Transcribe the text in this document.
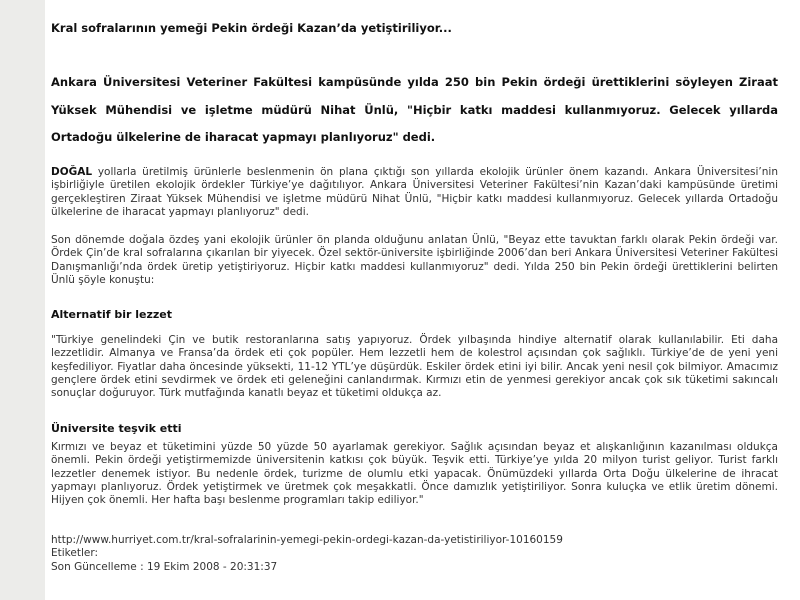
Kral sofralarının yemeği Pekin ördeği Kazan’da yetiştiriliyor...

Ankara Üniversitesi Veteriner Fakültesi kampüsünde yılda 250 bin Pekin ördeği ürettiklerini söyleyen Ziraat Yüksek Mühendisi ve işletme müdürü Nihat Ünlü, "Hiçbir katkı maddesi kullanmıyoruz. Gelecek yıllarda Ortadoğu ülkelerine de iharacat yapmayı planlıyoruz" dedi.

DOĞAL yollarla üretilmiş ürünlerle beslenmenin ön plana çıktığı son yıllarda ekolojik ürünler önem kazandı. Ankara Üniversitesi’nin işbirliğiyle üretilen ekolojik ördekler Türkiye’ye dağıtılıyor. Ankara Üniversitesi Veteriner Fakültesi’nin Kazan’daki kampüsünde üretimi gerçekleştiren Ziraat Yüksek Mühendisi ve işletme müdürü Nihat Ünlü, "Hiçbir katkı maddesi kullanmıyoruz. Gelecek yıllarda Ortadoğu ülkelerine de iharacat yapmayı planlıyoruz" dedi.

Son dönemde doğala özdeş yani ekolojik ürünler ön planda olduğunu anlatan Ünlü, "Beyaz ette tavuktan farklı olarak Pekin ördeği var. Ördek Çin’de kral sofralarına çıkarılan bir yiyecek. Özel sektör-üniversite işbirliğinde 2006’dan beri Ankara Üniversitesi Veteriner Fakültesi Danışmanlığı’nda ördek üretip yetiştiriyoruz. Hiçbir katkı maddesi kullanmıyoruz" dedi. Yılda 250 bin Pekin ördeği ürettiklerini belirten Ünlü şöyle konuştu:

Alternatif bir lezzet

"Türkiye genelindeki Çin ve butik restoranlarına satış yapıyoruz. Ördek yılbaşında hindiye alternatif olarak kullanılabilir. Eti daha lezzetlidir. Almanya ve Fransa’da ördek eti çok popüler. Hem lezzetli hem de kolestrol açısından çok sağlıklı. Türkiye’de de yeni yeni keşfediliyor. Fiyatlar daha öncesinde yüksekti, 11-12 YTL’ye düşürdük. Eskiler ördek etini iyi bilir. Ancak yeni nesil çok bilmiyor. Amacımız gençlere ördek etini sevdirmek ve ördek eti geleneğini canlandırmak. Kırmızı etin de yenmesi gerekiyor ancak çok sık tüketimi sakıncalı sonuçlar doğuruyor. Türk mutfağında kanatlı beyaz et tüketimi oldukça az.

Üniversite teşvik etti

Kırmızı ve beyaz et tüketimini yüzde 50 yüzde 50 ayarlamak gerekiyor. Sağlık açısından beyaz et alışkanlığının kazanılması oldukça önemli. Pekin ördeği yetiştirmemizde üniversitenin katkısı çok büyük. Teşvik etti. Türkiye’ye yılda 20 milyon turist geliyor. Turist farklı lezzetler denemek istiyor. Bu nedenle ördek, turizme de olumlu etki yapacak. Önümüzdeki yıllarda Orta Doğu ülkelerine de ihracat yapmayı planlıyoruz. Ördek yetiştirmek ve üretmek çok meşakkatli. Önce damızlık yetiştiriliyor. Sonra kuluçka ve etlik üretim dönemi. Hijyen çok önemli. Her hafta başı beslenme programları takip ediliyor."

http://www.hurriyet.com.tr/kral-sofralarinin-yemegi-pekin-ordegi-kazan-da-yetistiriliyor-10160159
Etiketler:
Son Güncelleme : 19 Ekim 2008 - 20:31:37
